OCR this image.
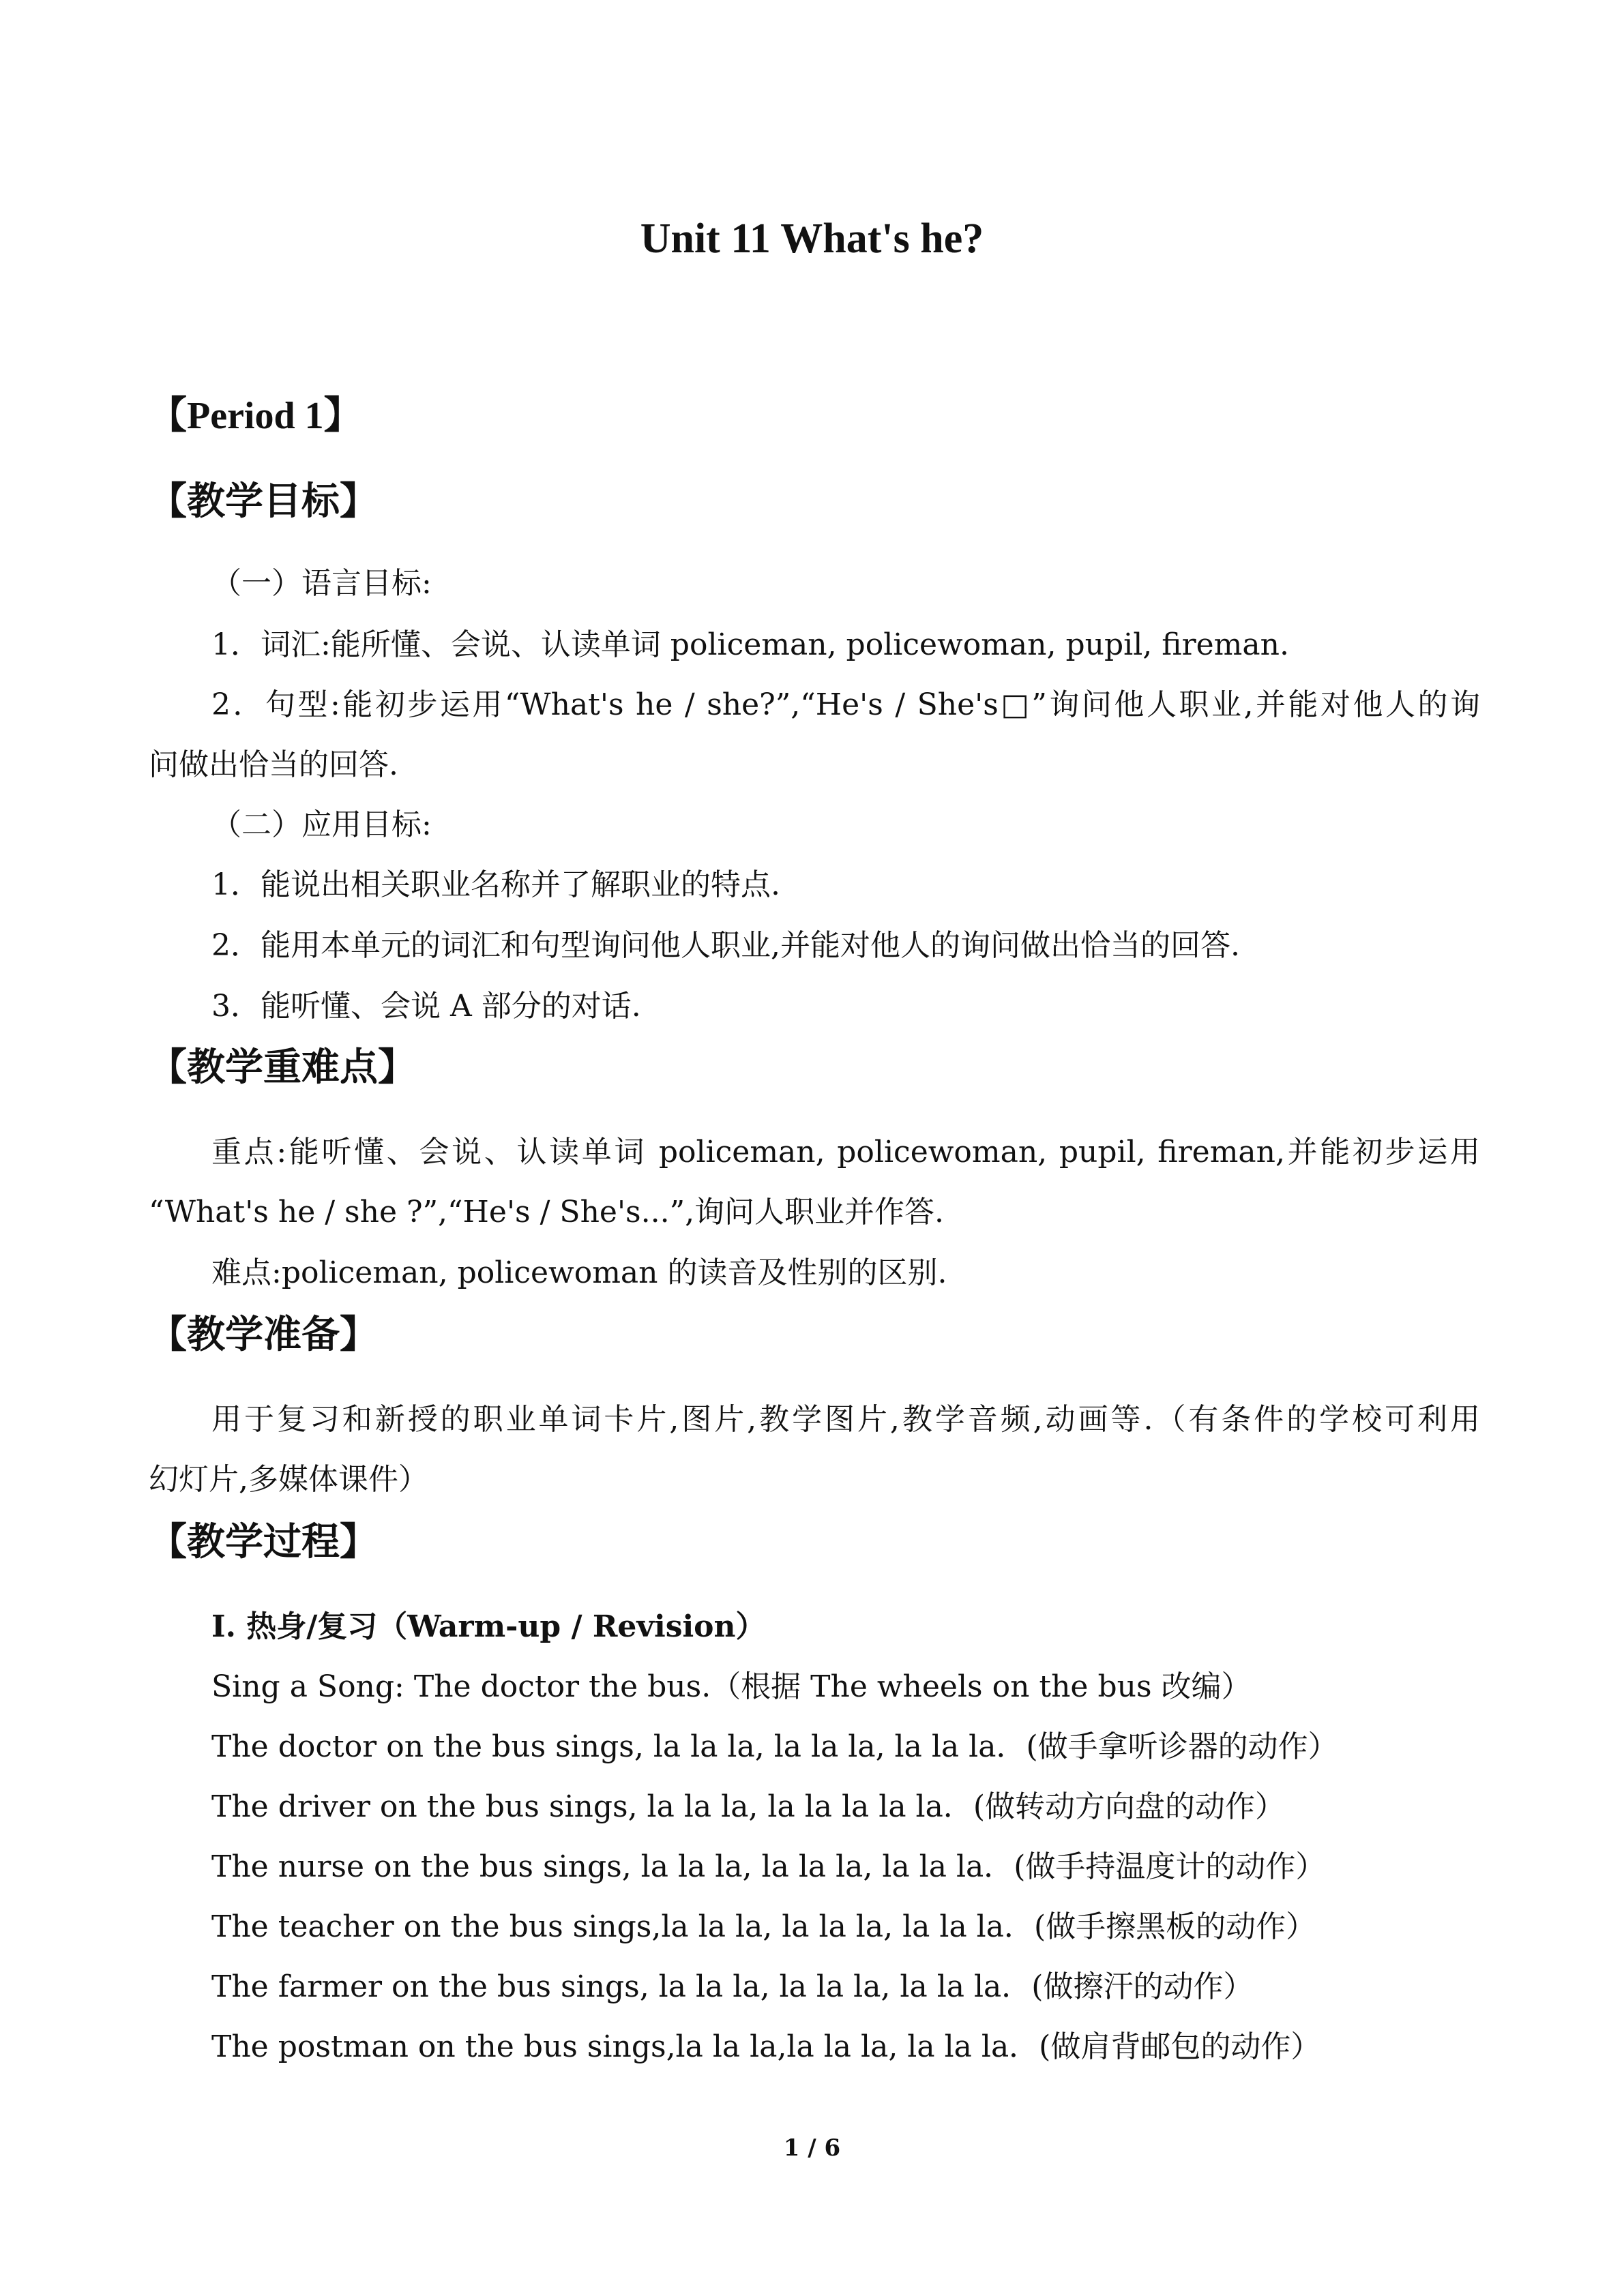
Unit 11 What's he?
【Period 1】
【教学目标】
（一）语言目标:
1．词汇:能所懂、会说、认读单词 policeman, policewoman, pupil, fireman.
2．句型:能初步运用“What's he / she?”,“He's / She's□”询问他人职业,并能对他人的询
问做出恰当的回答.
（二）应用目标:
1．能说出相关职业名称并了解职业的特点.
2．能用本单元的词汇和句型询问他人职业,并能对他人的询问做出恰当的回答.
3．能听懂、会说 A 部分的对话.
【教学重难点】
重点:能听懂、会说、认读单词 policeman, policewoman, pupil, fireman,并能初步运用
“What's he / she ?”,“He's / She's...”,询问人职业并作答.
难点:policeman, policewoman 的读音及性别的区别.
【教学准备】
用于复习和新授的职业单词卡片,图片,教学图片,教学音频,动画等.（有条件的学校可利用
幻灯片,多媒体课件）
【教学过程】
I. 热身/复习（Warm-up / Revision）
Sing a Song: The doctor the bus.（根据 The wheels on the bus 改编）
The doctor on the bus sings, la la la, la la la, la la la．(做手拿听诊器的动作）
The driver on the bus sings, la la la, la la la la la．(做转动方向盘的动作）
The nurse on the bus sings, la la la, la la la, la la la．(做手持温度计的动作）
The teacher on the bus sings,la la la, la la la, la la la．(做手擦黑板的动作）
The farmer on the bus sings, la la la, la la la, la la la．(做擦汗的动作）
The postman on the bus sings,la la la,la la la, la la la．(做肩背邮包的动作）
1 / 6
